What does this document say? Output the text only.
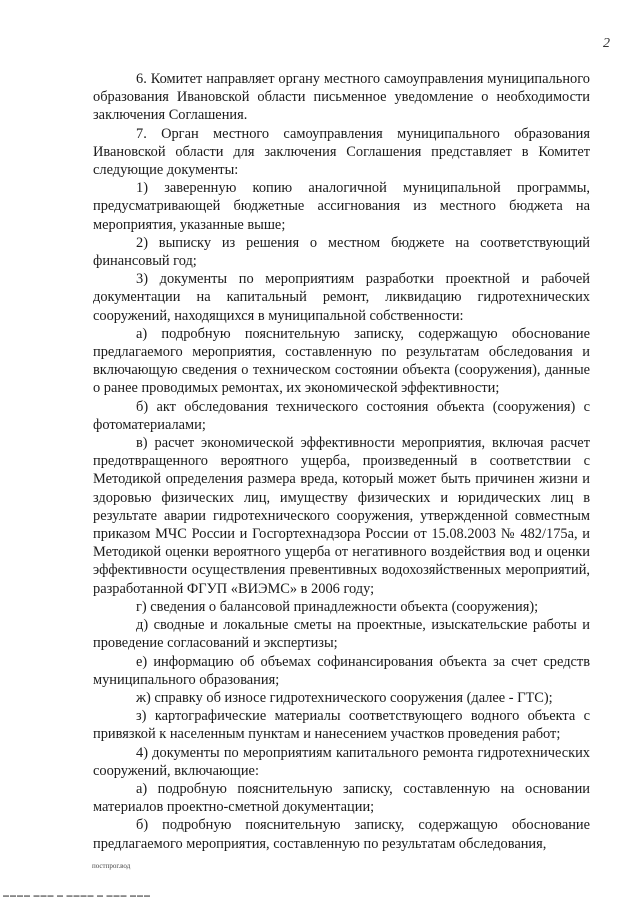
2

6. Комитет направляет органу местного самоуправления муниципального образования Ивановской области письменное уведомление о необходимости заключения Соглашения.

7. Орган местного самоуправления муниципального образования Ивановской области для заключения Соглашения представляет в Комитет следующие документы:

1) заверенную копию аналогичной муниципальной программы, предусматривающей бюджетные ассигнования из местного бюджета на мероприятия, указанные выше;

2) выписку из решения о местном бюджете на соответствующий финансовый год;

3) документы по мероприятиям разработки проектной и рабочей документации на капитальный ремонт, ликвидацию гидротехнических сооружений, находящихся в муниципальной собственности:

а) подробную пояснительную записку, содержащую обоснование предлагаемого мероприятия, составленную по результатам обследования и включающую сведения о техническом состоянии объекта (сооружения), данные о ранее проводимых ремонтах, их экономической эффективности;

б) акт обследования технического состояния объекта (сооружения) с фотоматериалами;

в) расчет экономической эффективности мероприятия, включая расчет предотвращенного вероятного ущерба, произведенный в соответствии с Методикой определения размера вреда, который может быть причинен жизни и здоровью физических лиц, имуществу физических и юридических лиц в результате аварии гидротехнического сооружения, утвержденной совместным приказом МЧС России и Госгортехнадзора России от 15.08.2003 № 482/175а, и Методикой оценки вероятного ущерба от негативного воздействия вод и оценки эффективности осуществления превентивных водохозяйственных мероприятий, разработанной ФГУП «ВИЭМС» в 2006 году;

г) сведения о балансовой принадлежности объекта (сооружения);

д) сводные и локальные сметы на проектные, изыскательские работы и проведение согласований и экспертизы;

е) информацию об объемах софинансирования объекта за счет средств муниципального образования;

ж) справку об износе гидротехнического сооружения (далее - ГТС);

з) картографические материалы соответствующего водного объекта с привязкой к населенным пунктам и нанесением участков проведения работ;

4) документы по мероприятиям капитального ремонта гидротехнических сооружений, включающие:

а) подробную пояснительную записку, составленную на основании материалов проектно-сметной документации;

б) подробную пояснительную записку, содержащую обоснование предлагаемого мероприятия, составленную по результатам обследования,

постпрог.вод
▬▬▬▬ ▬▬▬ ▬ ▬▬▬▬ ▬ ▬▬▬ ▬▬▬
